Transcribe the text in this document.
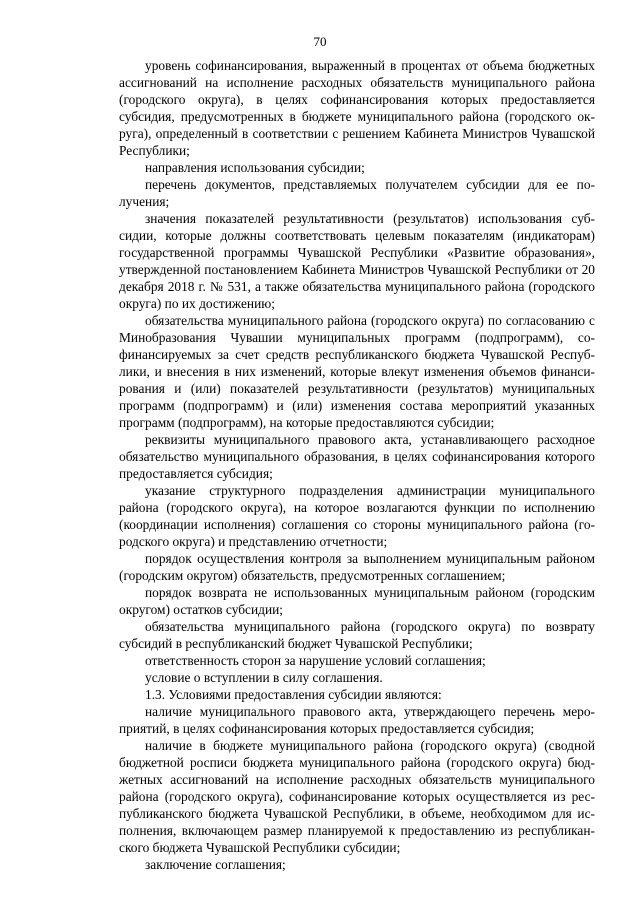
70

уровень софинансирования, выраженный в процентах от объема бюджетных ассигнований на исполнение расходных обязательств муниципального района (городского округа), в целях софинансирования которых предоставляется субсидия, предусмотренных в бюджете муниципального района (городского округа), определенный в соответствии с решением Кабинета Министров Чувашской Республики;

направления использования субсидии;

перечень документов, представляемых получателем субсидии для ее получения;

значения показателей результативности (результатов) использования субсидии, которые должны соответствовать целевым показателям (индикаторам) государственной программы Чувашской Республики «Развитие образования», утвержденной постановлением Кабинета Министров Чувашской Республики от 20 декабря 2018 г. № 531, а также обязательства муниципального района (городского округа) по их достижению;

обязательства муниципального района (городского округа) по согласованию с Минобразования Чувашии муниципальных программ (подпрограмм), софинансируемых за счет средств республиканского бюджета Чувашской Республики, и внесения в них изменений, которые влекут изменения объемов финансирования и (или) показателей результативности (результатов) муниципальных программ (подпрограмм) и (или) изменения состава мероприятий указанных программ (подпрограмм), на которые предоставляются субсидии;

реквизиты муниципального правового акта, устанавливающего расходное обязательство муниципального образования, в целях софинансирования которого предоставляется субсидия;

указание структурного подразделения администрации муниципального района (городского округа), на которое возлагаются функции по исполнению (координации исполнения) соглашения со стороны муниципального района (городского округа) и представлению отчетности;

порядок осуществления контроля за выполнением муниципальным районом (городским округом) обязательств, предусмотренных соглашением;

порядок возврата не использованных муниципальным районом (городским округом) остатков субсидии;

обязательства муниципального района (городского округа) по возврату субсидий в республиканский бюджет Чувашской Республики;

ответственность сторон за нарушение условий соглашения;

условие о вступлении в силу соглашения.

1.3. Условиями предоставления субсидии являются:

наличие муниципального правового акта, утверждающего перечень мероприятий, в целях софинансирования которых предоставляется субсидия;

наличие в бюджете муниципального района (городского округа) (сводной бюджетной росписи бюджета муниципального района (городского округа) бюджетных ассигнований на исполнение расходных обязательств муниципального района (городского округа), софинансирование которых осуществляется из республиканского бюджета Чувашской Республики, в объеме, необходимом для исполнения, включающем размер планируемой к предоставлению из республиканского бюджета Чувашской Республики субсидии;

заключение соглашения;
